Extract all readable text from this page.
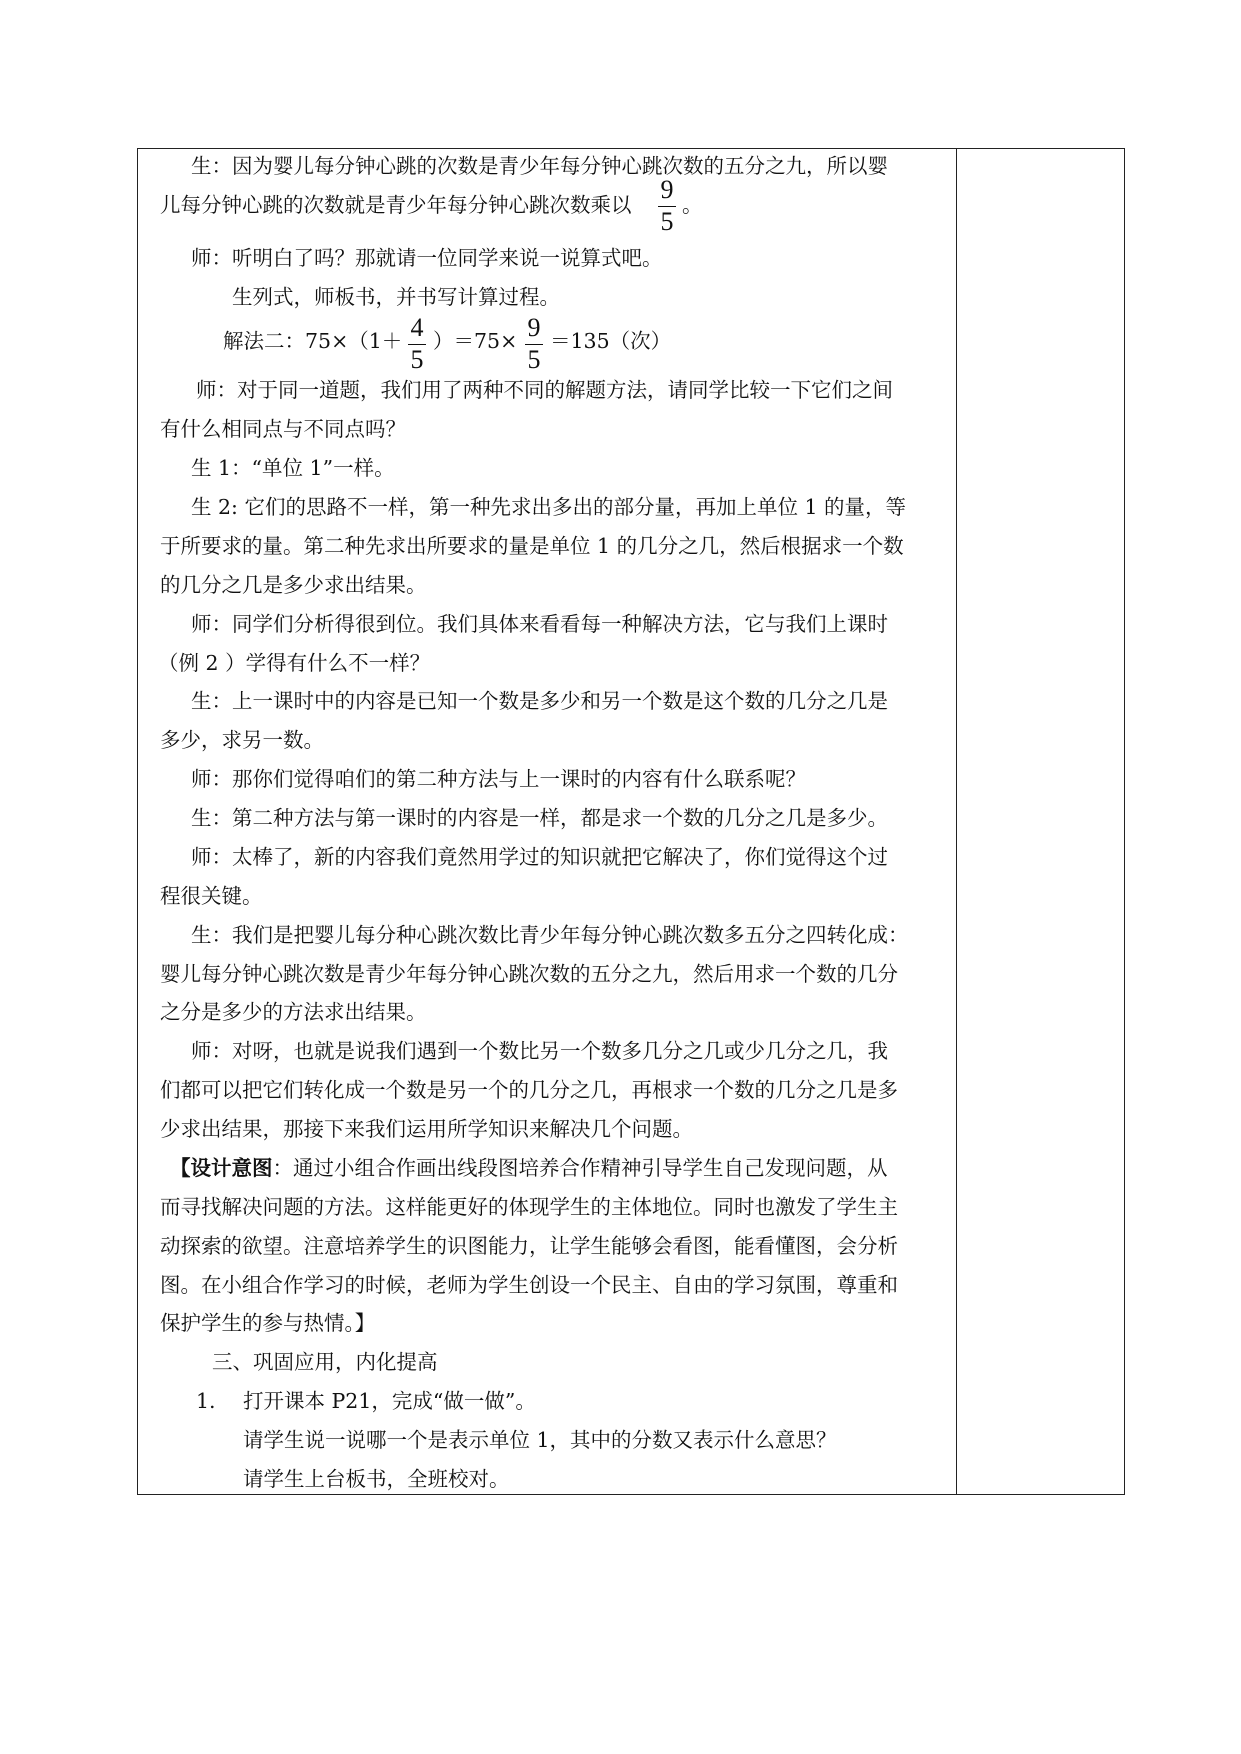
生：因为婴儿每分钟心跳的次数是青少年每分钟心跳次数的五分之九，所以婴
儿每分钟心跳的次数就是青少年每分钟心跳次数乘以
9
5
。
师：听明白了吗？那就请一位同学来说一说算式吧。
生列式，师板书，并书写计算过程。
解法二：75×（1＋ 4
5
）＝75× 9
5
＝135（次）
师：对于同一道题，我们用了两种不同的解题方法，请同学比较一下它们之间
有什么相同点与不同点吗？
生 1：“单位 1”一样。
生 2: 它们的思路不一样，第一种先求出多出的部分量，再加上单位 1 的量，等
于所要求的量。第二种先求出所要求的量是单位 1 的几分之几，然后根据求一个数
的几分之几是多少求出结果。
师：同学们分析得很到位。我们具体来看看每一种解决方法，它与我们上课时
（例 2 ）学得有什么不一样？
生：上一课时中的内容是已知一个数是多少和另一个数是这个数的几分之几是
多少，求另一数。
师：那你们觉得咱们的第二种方法与上一课时的内容有什么联系呢？
生：第二种方法与第一课时的内容是一样，都是求一个数的几分之几是多少。
师：太棒了，新的内容我们竟然用学过的知识就把它解决了，你们觉得这个过
程很关键。
生：我们是把婴儿每分种心跳次数比青少年每分钟心跳次数多五分之四转化成：
婴儿每分钟心跳次数是青少年每分钟心跳次数的五分之九，然后用求一个数的几分
之分是多少的方法求出结果。
师：对呀，也就是说我们遇到一个数比另一个数多几分之几或少几分之几，我
们都可以把它们转化成一个数是另一个的几分之几，再根求一个数的几分之几是多
少求出结果，那接下来我们运用所学知识来解决几个问题。
【设计意图：通过小组合作画出线段图培养合作精神引导学生自己发现问题，从
而寻找解决问题的方法。这样能更好的体现学生的主体地位。同时也激发了学生主
动探索的欲望。注意培养学生的识图能力，让学生能够会看图，能看懂图，会分析
图。在小组合作学习的时候，老师为学生创设一个民主、自由的学习氛围，尊重和
保护学生的参与热情。】
三、巩固应用，内化提高
1. 打开课本 P21，完成“做一做”。
请学生说一说哪一个是表示单位 1，其中的分数又表示什么意思？
请学生上台板书，全班校对。
